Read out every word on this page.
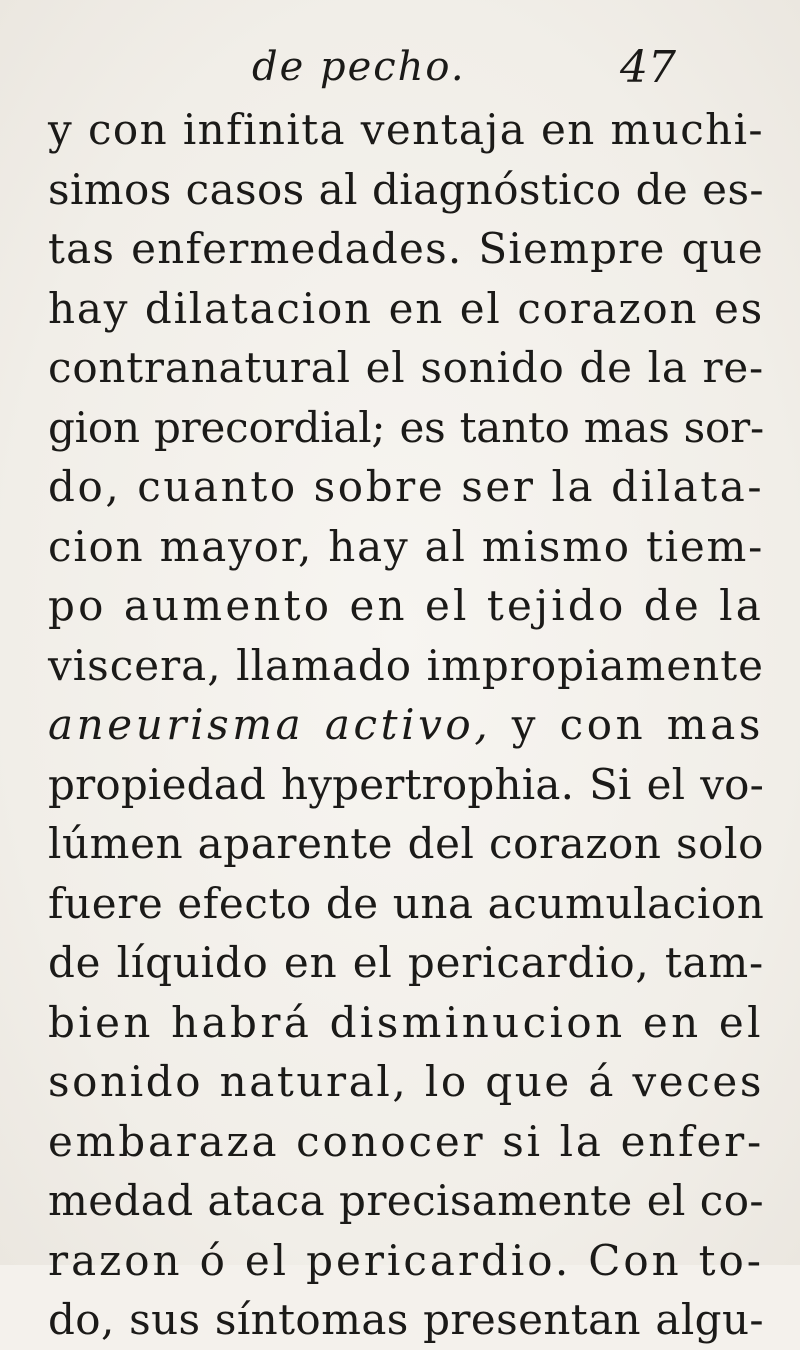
de pecho.	47
y con infinita ventaja en muchi-
simos casos al diagnóstico de es-
tas enfermedades. Siempre que
hay dilatacion en el corazon es
contranatural el sonido de la re-
gion precordial; es tanto mas sor-
do, cuanto sobre ser la dilata-
cion mayor, hay al mismo tiem-
po aumento en el tejido de la
viscera, llamado impropiamente
aneurisma activo, y con mas
propiedad hypertrophia. Si el vo-
lúmen aparente del corazon solo
fuere efecto de una acumulacion
de líquido en el pericardio, tam-
bien habrá disminucion en el
sonido natural, lo que á veces
embaraza conocer si la enfer-
medad ataca precisamente el co-
razon ó el pericardio. Con to-
do, sus síntomas presentan algu-
